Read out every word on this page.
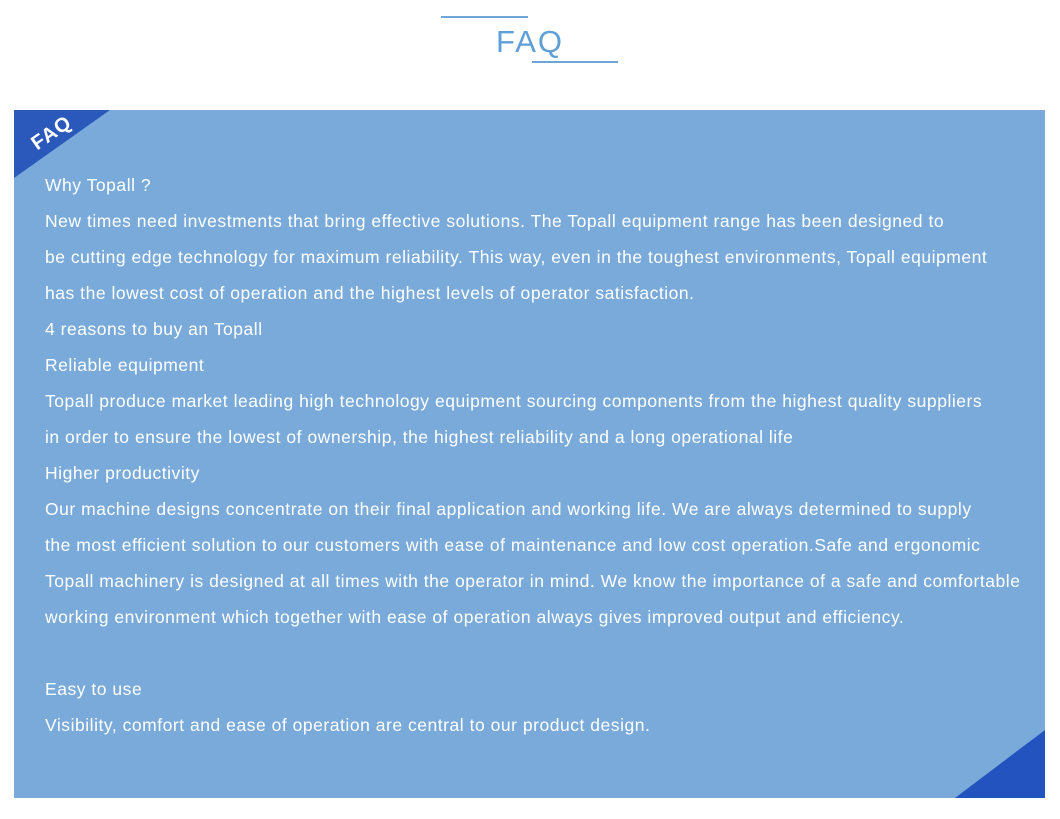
FAQ
FAQ
Why Topall ?
New times need investments that bring effective solutions. The Topall equipment range has been designed to
be cutting edge technology for maximum reliability. This way, even in the toughest environments, Topall equipment
has the lowest cost of operation and the highest levels of operator satisfaction.
4 reasons to buy an Topall
Reliable equipment
Topall produce market leading high technology equipment sourcing components from the highest quality suppliers
in order to ensure the lowest of ownership, the highest reliability and a long operational life
Higher productivity
Our machine designs concentrate on their final application and working life. We are always determined to supply
the most efficient solution to our customers with ease of maintenance and low cost operation.Safe and ergonomic
Topall machinery is designed at all times with the operator in mind. We know the importance of a safe and comfortable
working environment which together with ease of operation always gives improved output and efficiency.

Easy to use
Visibility, comfort and ease of operation are central to our product design.
